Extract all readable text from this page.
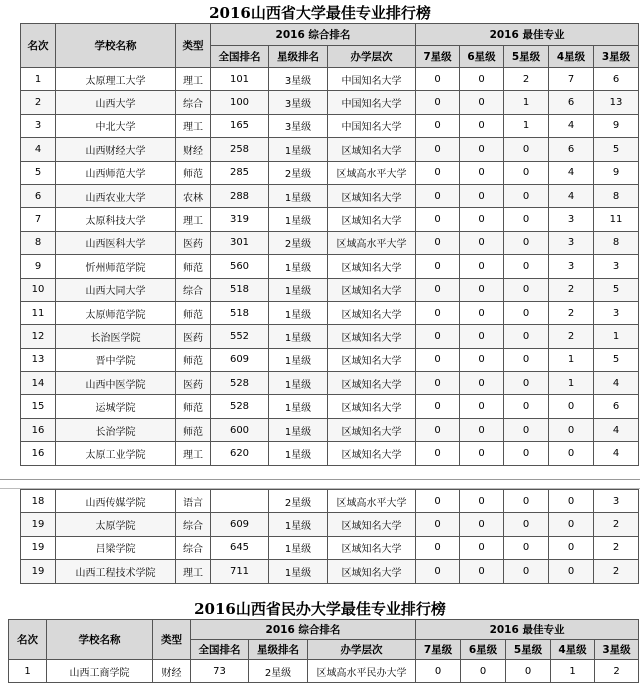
2016山西省大学最佳专业排行榜
名次	学校名称	类型	2016 综合排名			2016 最佳专业				
			全国排名	星级排名	办学层次	7星级	6星级	5星级	4星级	3星级
1	太原理工大学	理工	101	3星级	中国知名大学	0	0	2	7	6
2	山西大学	综合	100	3星级	中国知名大学	0	0	1	6	13
3	中北大学	理工	165	3星级	中国知名大学	0	0	1	4	9
4	山西财经大学	财经	258	1星级	区域知名大学	0	0	0	6	5
5	山西师范大学	师范	285	2星级	区域高水平大学	0	0	0	4	9
6	山西农业大学	农林	288	1星级	区域知名大学	0	0	0	4	8
7	太原科技大学	理工	319	1星级	区域知名大学	0	0	0	3	11
8	山西医科大学	医药	301	2星级	区域高水平大学	0	0	0	3	8
9	忻州师范学院	师范	560	1星级	区域知名大学	0	0	0	3	3
10	山西大同大学	综合	518	1星级	区域知名大学	0	0	0	2	5
11	太原师范学院	师范	518	1星级	区域知名大学	0	0	0	2	3
12	长治医学院	医药	552	1星级	区域知名大学	0	0	0	2	1
13	晋中学院	师范	609	1星级	区域知名大学	0	0	0	1	5
14	山西中医学院	医药	528	1星级	区域知名大学	0	0	0	1	4
15	运城学院	师范	528	1星级	区域知名大学	0	0	0	0	6
16	长治学院	师范	600	1星级	区域知名大学	0	0	0	0	4
16	太原工业学院	理工	620	1星级	区域知名大学	0	0	0	0	4
18	山西传媒学院	语言		2星级	区域高水平大学	0	0	0	0	3
19	太原学院	综合	609	1星级	区域知名大学	0	0	0	0	2
19	吕梁学院	综合	645	1星级	区域知名大学	0	0	0	0	2
19	山西工程技术学院	理工	711	1星级	区域知名大学	0	0	0	0	2
2016山西省民办大学最佳专业排行榜
名次	学校名称	类型	2016 综合排名			2016 最佳专业				
			全国排名	星级排名	办学层次	7星级	6星级	5星级	4星级	3星级
1	山西工商学院	财经	73	2星级	区域高水平民办大学	0	0	0	1	2
